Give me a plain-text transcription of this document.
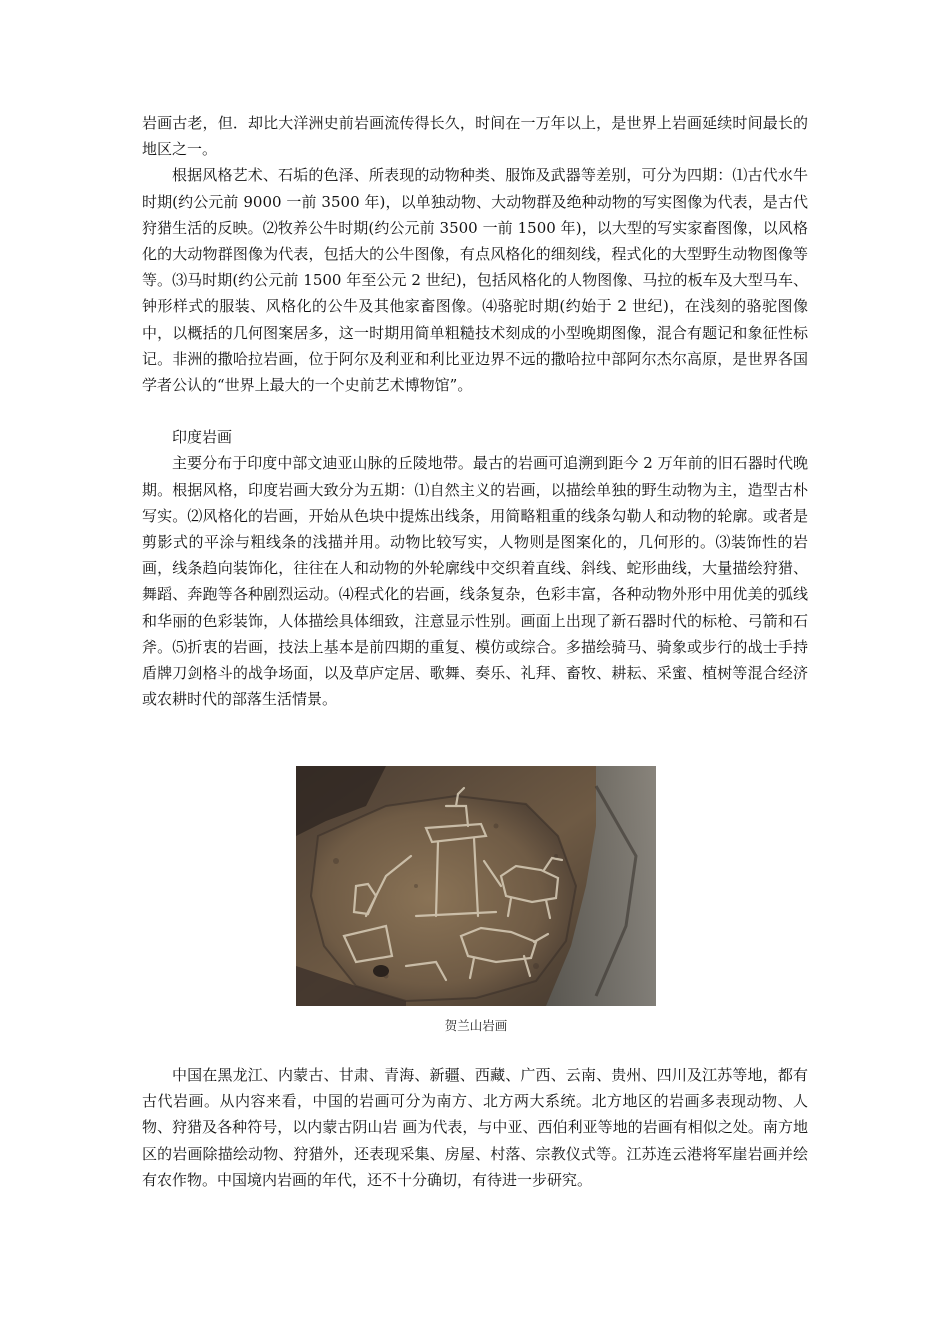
岩画古老，但．却比大洋洲史前岩画流传得长久，时间在一万年以上，是世界上岩画延续时间最长的地区之一。

根据风格艺术、石垢的色泽、所表现的动物种类、服饰及武器等差别，可分为四期：⑴古代水牛时期(约公元前 9000 一前 3500 年)，以单独动物、大动物群及绝种动物的写实图像为代表，是古代狩猎生活的反映。⑵牧养公牛时期(约公元前 3500 一前 1500 年)，以大型的写实家畜图像，以风格化的大动物群图像为代表，包括大的公牛图像，有点风格化的细刻线，程式化的大型野生动物图像等等。⑶马时期(约公元前 1500 年至公元 2 世纪)，包括风格化的人物图像、马拉的板车及大型马车、钟形样式的服装、风格化的公牛及其他家畜图像。⑷骆驼时期(约始于 2 世纪)，在浅刻的骆驼图像中，以概括的几何图案居多，这一时期用简单粗糙技术刻成的小型晚期图像，混合有题记和象征性标记。非洲的撒哈拉岩画，位于阿尔及利亚和利比亚边界不远的撒哈拉中部阿尔杰尔高原，是世界各国学者公认的“世界上最大的一个史前艺术博物馆”。

印度岩画

主要分布于印度中部文迪亚山脉的丘陵地带。最古的岩画可追溯到距今 2 万年前的旧石器时代晚期。根据风格，印度岩画大致分为五期：⑴自然主义的岩画，以描绘单独的野生动物为主，造型古朴写实。⑵风格化的岩画，开始从色块中提炼出线条，用简略粗重的线条勾勒人和动物的轮廓。或者是剪影式的平涂与粗线条的浅描并用。动物比较写实，人物则是图案化的，几何形的。⑶装饰性的岩画，线条趋向装饰化，往往在人和动物的外轮廓线中交织着直线、斜线、蛇形曲线，大量描绘狩猎、舞蹈、奔跑等各种剧烈运动。⑷程式化的岩画，线条复杂，色彩丰富，各种动物外形中用优美的弧线和华丽的色彩装饰，人体描绘具体细致，注意显示性别。画面上出现了新石器时代的标枪、弓箭和石斧。⑸折衷的岩画，技法上基本是前四期的重复、模仿或综合。多描绘骑马、骑象或步行的战士手持盾牌刀剑格斗的战争场面，以及草庐定居、歌舞、奏乐、礼拜、畜牧、耕耘、采蜜、植树等混合经济或农耕时代的部落生活情景。

贺兰山岩画

中国在黑龙江、内蒙古、甘肃、青海、新疆、西藏、广西、云南、贵州、四川及江苏等地，都有古代岩画。从内容来看，中国的岩画可分为南方、北方两大系统。北方地区的岩画多表现动物、人物、狩猎及各种符号，以内蒙古阴山岩 画为代表，与中亚、西伯利亚等地的岩画有相似之处。南方地区的岩画除描绘动物、狩猎外，还表现采集、房屋、村落、宗教仪式等。江苏连云港将军崖岩画并绘有农作物。中国境内岩画的年代，还不十分确切，有待进一步研究。
